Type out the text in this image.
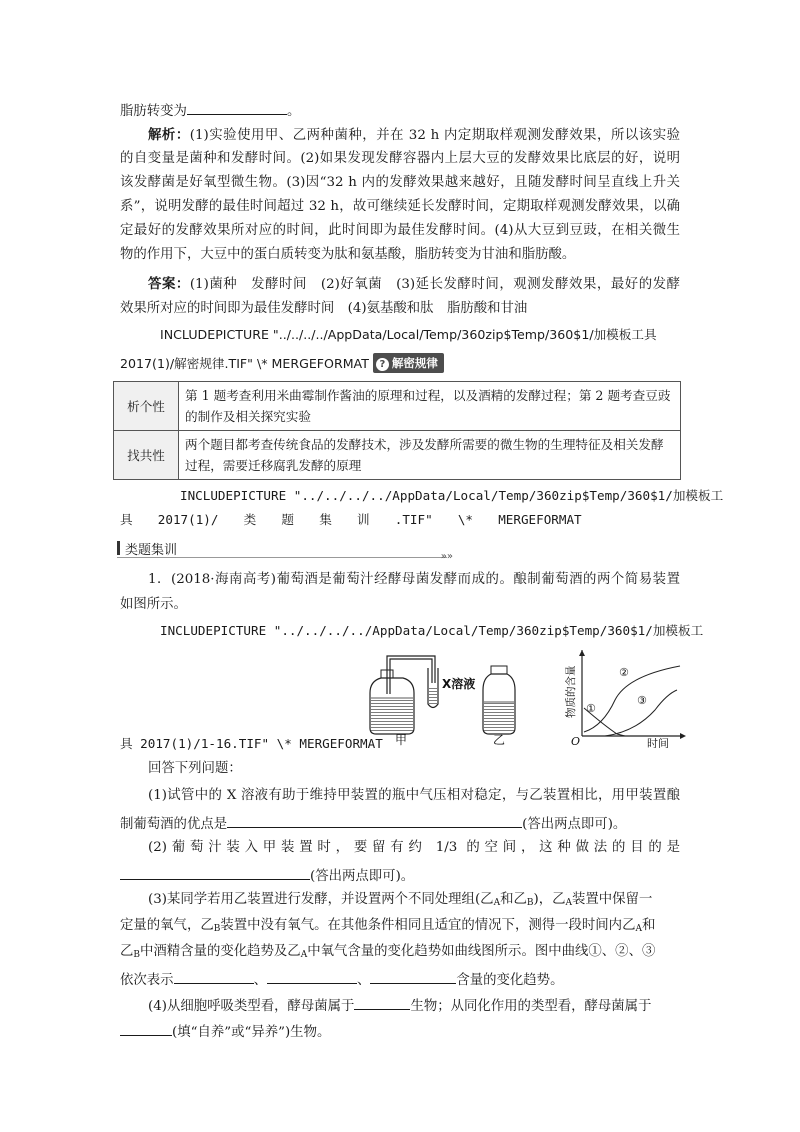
脂肪转变为	。
解析：(1)实验使用甲、乙两种菌种，并在 32 h 内定期取样观测发酵效果，所以该实验
的自变量是菌种和发酵时间。(2)如果发现发酵容器内上层大豆的发酵效果比底层的好，说明
该发酵菌是好氧型微生物。(3)因“32 h 内的发酵效果越来越好，且随发酵时间呈直线上升关
系”，说明发酵的最佳时间超过 32 h，故可继续延长发酵时间，定期取样观测发酵效果，以确
定最好的发酵效果所对应的时间，此时间即为最佳发酵时间。(4)从大豆到豆豉，在相关微生
物的作用下，大豆中的蛋白质转变为肽和氨基酸，脂肪转变为甘油和脂肪酸。
答案：(1)菌种　发酵时间　(2)好氧菌　(3)延长发酵时间，观测发酵效果，最好的发酵
效果所对应的时间即为最佳发酵时间　(4)氨基酸和肽　脂肪酸和甘油
INCLUDEPICTURE "../../../../AppData/Local/Temp/360zip$Temp/360$1/加模板工具
2017(1)/解密规律.TIF" \* MERGEFORMAT ? 解密规律
析个性	第 1 题考查利用米曲霉制作酱油的原理和过程，以及酒精的发酵过程；第 2 题考查豆豉的制作及相关探究实验
找共性	两个题目都考查传统食品的发酵技术，涉及发酵所需要的微生物的生理特征及相关发酵过程，需要迁移腐乳发酵的原理
INCLUDEPICTURE "../../../../AppData/Local/Temp/360zip$Temp/360$1/加模板工
具　　2017(1)/　　类　　题　　集　　训　　.TIF"　　\*　　MERGEFORMAT
类题集训	»»
1．(2018·海南高考)葡萄酒是葡萄汁经酵母菌发酵而成的。酿制葡萄酒的两个简易装置
如图所示。
INCLUDEPICTURE "../../../../AppData/Local/Temp/360zip$Temp/360$1/加模板工
具 2017(1)/1-16.TIF" \* MERGEFORMAT
X溶液
甲	乙
①
②
③
物质的含量
O	时间
回答下列问题：
(1)试管中的 X 溶液有助于维持甲装置的瓶中气压相对稳定，与乙装置相比，用甲装置酿
制葡萄酒的优点是	(答出两点即可)。
(2)葡萄汁装入甲装置时，要留有约 1/3 的空间，这种做法的目的是
(答出两点即可)。
(3)某同学若用乙装置进行发酵，并设置两个不同处理组(乙$_A$和乙$_B$)，乙$_A$装置中保留一
定量的氧气，乙$_B$装置中没有氧气。在其他条件相同且适宜的情况下，测得一段时间内乙$_A$和
乙$_B$中酒精含量的变化趋势及乙$_A$中氧气含量的变化趋势如曲线图所示。图中曲线①、②、③
依次表示	、	、	含量的变化趋势。
(4)从细胞呼吸类型看，酵母菌属于	生物；从同化作用的类型看，酵母菌属于
(填“自养”或“异养”)生物。
